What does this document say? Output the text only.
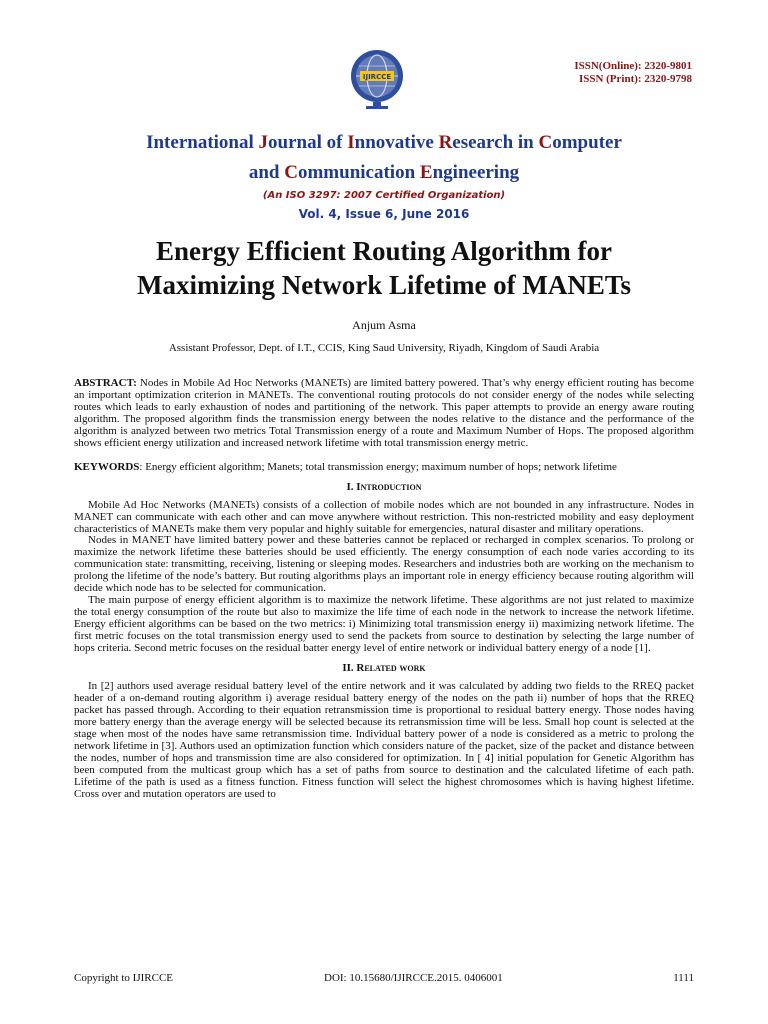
IJIRCCE
ISSN(Online): 2320-9801
ISSN (Print): 2320-9798
International Journal of Innovative Research in Computer
and Communication Engineering
(An ISO 3297: 2007 Certified Organization)
Vol. 4, Issue 6, June 2016
Energy Efficient Routing Algorithm for
Maximizing Network Lifetime of MANETs
Anjum Asma
Assistant Professor, Dept. of I.T., CCIS, King Saud University, Riyadh, Kingdom of Saudi Arabia

ABSTRACT: Nodes in Mobile Ad Hoc Networks (MANETs) are limited battery powered. That’s why energy efficient routing has become an important optimization criterion in MANETs. The conventional routing protocols do not consider energy of the nodes while selecting routes which leads to early exhaustion of nodes and partitioning of the network. This paper attempts to provide an energy aware routing algorithm. The proposed algorithm finds the transmission energy between the nodes relative to the distance and the performance of the algorithm is analyzed between two metrics Total Transmission energy of a route and Maximum Number of Hops. The proposed algorithm shows efficient energy utilization and increased network lifetime with total transmission energy metric.

KEYWORDS: Energy efficient algorithm; Manets; total transmission energy; maximum number of hops; network lifetime

I. Introduction

Mobile Ad Hoc Networks (MANETs) consists of a collection of mobile nodes which are not bounded in any infrastructure. Nodes in MANET can communicate with each other and can move anywhere without restriction. This non-restricted mobility and easy deployment characteristics of MANETs make them very popular and highly suitable for emergencies, natural disaster and military operations.

Nodes in MANET have limited battery power and these batteries cannot be replaced or recharged in complex scenarios. To prolong or maximize the network lifetime these batteries should be used efficiently. The energy consumption of each node varies according to its communication state: transmitting, receiving, listening or sleeping modes. Researchers and industries both are working on the mechanism to prolong the lifetime of the node’s battery. But routing algorithms plays an important role in energy efficiency because routing algorithm will decide which node has to be selected for communication.

The main purpose of energy efficient algorithm is to maximize the network lifetime. These algorithms are not just related to maximize the total energy consumption of the route but also to maximize the life time of each node in the network to increase the network lifetime. Energy efficient algorithms can be based on the two metrics: i) Minimizing total transmission energy ii) maximizing network lifetime. The first metric focuses on the total transmission energy used to send the packets from source to destination by selecting the large number of hops criteria. Second metric focuses on the residual batter energy level of entire network or individual battery energy of a node [1].

II. Related work

In [2] authors used average residual battery level of the entire network and it was calculated by adding two fields to the RREQ packet header of a on-demand routing algorithm i) average residual battery energy of the nodes on the path ii) number of hops that the RREQ packet has passed through. According to their equation retransmission time is proportional to residual battery energy. Those nodes having more battery energy than the average energy will be selected because its retransmission time will be less. Small hop count is selected at the stage when most of the nodes have same retransmission time. Individual battery power of a node is considered as a metric to prolong the network lifetime in [3]. Authors used an optimization function which considers nature of the packet, size of the packet and distance between the nodes, number of hops and transmission time are also considered for optimization. In [ 4] initial population for Genetic Algorithm has been computed from the multicast group which has a set of paths from source to destination and the calculated lifetime of each path. Lifetime of the path is used as a fitness function. Fitness function will select the highest chromosomes which is having highest lifetime. Cross over and mutation operators are used to

Copyright to IJIRCCE	DOI: 10.15680/IJIRCCE.2015. 0406001	1111
